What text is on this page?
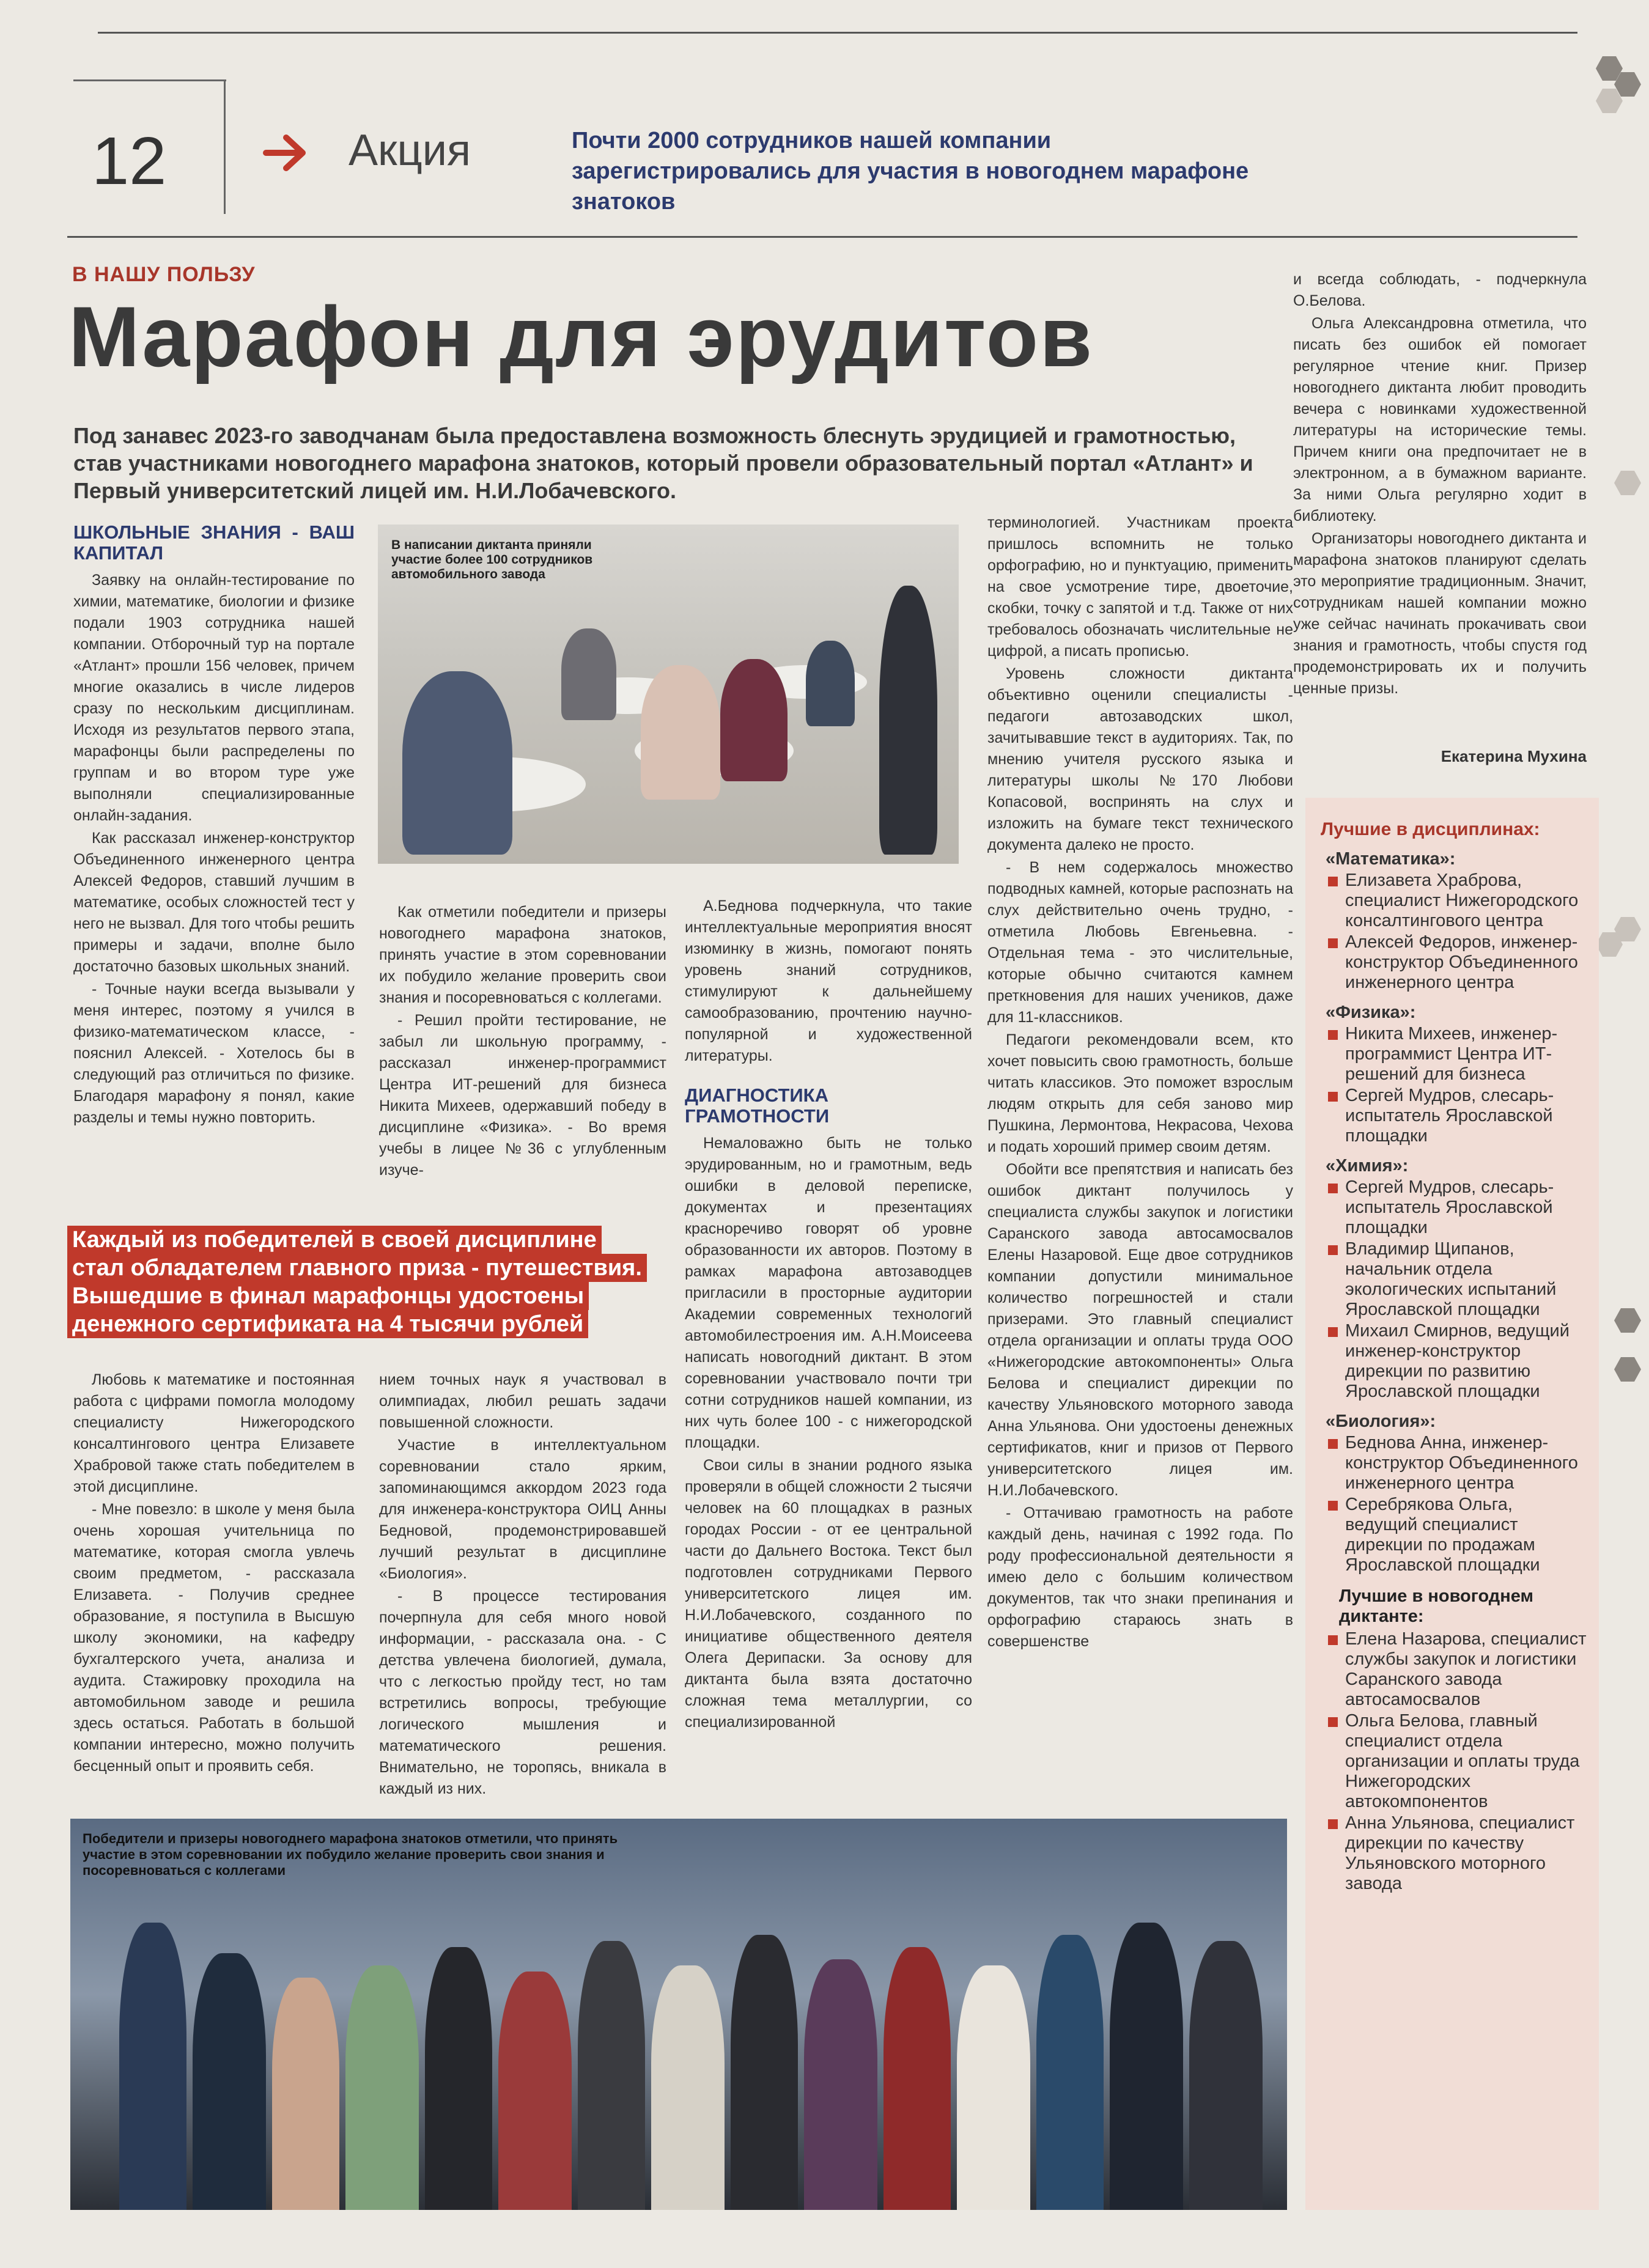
12	Акция	Почти 2000 сотрудников нашей компании зарегистрировались для участия в новогоднем марафоне знатоков
В НАШУ ПОЛЬЗУ
Марафон для эрудитов
Под занавес 2023-го заводчанам была предоставлена возможность блеснуть эрудицией и грамотностью, став участниками новогоднего марафона знатоков, который провели образовательный портал «Атлант» и Первый университетский лицей им. Н.И.Лобачевского.
ШКОЛЬНЫЕ ЗНАНИЯ - ВАШ КАПИТАЛ

Заявку на онлайн-тестирование по химии, математике, биологии и физике подали 1903 сотрудника нашей компании. Отборочный тур на портале «Атлант» прошли 156 человек, причем многие оказались в числе лидеров сразу по нескольким дисциплинам. Исходя из результатов первого этапа, марафонцы были распределены по группам и во втором туре уже выполняли специализированные онлайн-задания.

Как рассказал инженер-конструктор Объединенного инженерного центра Алексей Федоров, ставший лучшим в математике, особых сложностей тест у него не вызвал. Для того чтобы решить примеры и задачи, вполне было достаточно базовых школьных знаний.

- Точные науки всегда вызывали у меня интерес, поэтому я учился в физико-математическом классе, - пояснил Алексей. - Хотелось бы в следующий раз отличиться по физике. Благодаря марафону я понял, какие разделы и темы нужно повторить.

Каждый из победителей в своей дисциплине стал обладателем главного приза - путешествия. Вышедшие в финал марафонцы удостоены денежного сертификата на 4 тысячи рублей

Любовь к математике и постоянная работа с цифрами помогла молодому специалисту Нижегородского консалтингового центра Елизавете Храбровой также стать победителем в этой дисциплине.

- Мне повезло: в школе у меня была очень хорошая учительница по математике, которая смогла увлечь своим предметом, - рассказала Елизавета. - Получив среднее образование, я поступила в Высшую школу экономики, на кафедру бухгалтерского учета, анализа и аудита. Стажировку проходила на автомобильном заводе и решила здесь остаться. Работать в большой компании интересно, можно получить бесценный опыт и проявить себя.

В написании диктанта приняли участие более 100 сотрудников автомобильного завода

Как отметили победители и призеры новогоднего марафона знатоков, принять участие в этом соревновании их побудило желание проверить свои знания и посоревноваться с коллегами.

- Решил пройти тестирование, не забыл ли школьную программу, - рассказал инженер-программист Центра ИТ-решений для бизнеса Никита Михеев, одержавший победу в дисциплине «Физика». - Во время учебы в лицее №36 с углубленным изуче-

нием точных наук я участвовал в олимпиадах, любил решать задачи повышенной сложности.

Участие в интеллектуальном соревновании стало ярким, запоминающимся аккордом 2023 года для инженера-конструктора ОИЦ Анны Бедновой, продемонстрировавшей лучший результат в дисциплине «Биология».

- В процессе тестирования почерпнула для себя много новой информации, - рассказала она. - С детства увлечена биологией, думала, что с легкостью пройду тест, но там встретились вопросы, требующие логического мышления и математического решения. Внимательно, не торопясь, вникала в каждый из них.

А.Беднова подчеркнула, что такие интеллектуальные мероприятия вносят изюминку в жизнь, помогают понять уровень знаний сотрудников, стимулируют к дальнейшему самообразованию, прочтению научно-популярной и художественной литературы.

ДИАГНОСТИКА ГРАМОТНОСТИ

Немаловажно быть не только эрудированным, но и грамотным, ведь ошибки в деловой переписке, документах и презентациях красноречиво говорят об уровне образованности их авторов. Поэтому в рамках марафона автозаводцев пригласили в просторные аудитории Академии современных технологий автомобилестроения им. А.Н.Моисеева написать новогодний диктант. В этом соревновании участвовало почти три сотни сотрудников нашей компании, из них чуть более 100 - с нижегородской площадки.

Свои силы в знании родного языка проверяли в общей сложности 2 тысячи человек на 60 площадках в разных городах России - от ее центральной части до Дальнего Востока. Текст был подготовлен сотрудниками Первого университетского лицея им. Н.И.Лобачевского, созданного по инициативе общественного деятеля Олега Дерипаски. За основу для диктанта была взята достаточно сложная тема металлургии, со специализированной

терминологией. Участникам проекта пришлось вспомнить не только орфографию, но и пунктуацию, применить на свое усмотрение тире, двоеточие, скобки, точку с запятой и т.д. Также от них требовалось обозначать числительные не цифрой, а писать прописью.

Уровень сложности диктанта объективно оценили специалисты - педагоги автозаводских школ, зачитывавшие текст в аудиториях. Так, по мнению учителя русского языка и литературы школы №170 Любови Копасовой, воспринять на слух и изложить на бумаге текст технического документа далеко не просто.

- В нем содержалось множество подводных камней, которые распознать на слух действительно очень трудно, - отметила Любовь Евгеньевна. - Отдельная тема - это числительные, которые обычно считаются камнем преткновения для наших учеников, даже для 11-классников.

Педагоги рекомендовали всем, кто хочет повысить свою грамотность, больше читать классиков. Это поможет взрослым людям открыть для себя заново мир Пушкина, Лермонтова, Некрасова, Чехова и подать хороший пример своим детям.

Обойти все препятствия и написать без ошибок диктант получилось у специалиста службы закупок и логистики Саранского завода автосамосвалов Елены Назаровой. Еще двое сотрудников компании допустили минимальное количество погрешностей и стали призерами. Это главный специалист отдела организации и оплаты труда ООО «Нижегородские автокомпоненты» Ольга Белова и специалист дирекции по качеству Ульяновского моторного завода Анна Ульянова. Они удостоены денежных сертификатов, книг и призов от Первого университетского лицея им. Н.И.Лобачевского.

- Оттачиваю грамотность на работе каждый день, начиная с 1992 года. По роду профессиональной деятельности я имею дело с большим количеством документов, так что знаки препинания и орфографию стараюсь знать в совершенстве

и всегда соблюдать, - подчеркнула О.Белова.

Ольга Александровна отметила, что писать без ошибок ей помогает регулярное чтение книг. Призер новогоднего диктанта любит проводить вечера с новинками художественной литературы на исторические темы. Причем книги она предпочитает не в электронном, а в бумажном варианте. За ними Ольга регулярно ходит в библиотеку.

Организаторы новогоднего диктанта и марафона знатоков планируют сделать это мероприятие традиционным. Значит, сотрудникам нашей компании можно уже сейчас начинать прокачивать свои знания и грамотность, чтобы спустя год продемонстрировать их и получить ценные призы.

Екатерина Мухина
Лучшие в дисциплинах:
«Математика»:
Елизавета Храброва, специалист Нижегородского консалтингового центра
Алексей Федоров, инженер-конструктор Объединенного инженерного центра
«Физика»:
Никита Михеев, инженер-программист Центра ИТ-решений для бизнеса
Сергей Мудров, слесарь-испытатель Ярославской площадки
«Химия»:
Сергей Мудров, слесарь-испытатель Ярославской площадки
Владимир Щипанов, начальник отдела экологических испытаний Ярославской площадки
Михаил Смирнов, ведущий инженер-конструктор дирекции по развитию Ярославской площадки
«Биология»:
Беднова Анна, инженер-конструктор Объединенного инженерного центра
Серебрякова Ольга, ведущий специалист дирекции по продажам Ярославской площадки
Лучшие в новогоднем диктанте:
Елена Назарова, специалист службы закупок и логистики Саранского завода автосамосвалов
Ольга Белова, главный специалист отдела организации и оплаты труда Нижегородских автокомпонентов
Анна Ульянова, специалист дирекции по качеству Ульяновского моторного завода
Победители и призеры новогоднего марафона знатоков отметили, что принять участие в этом соревновании их побудило желание проверить свои знания и посоревноваться с коллегами
